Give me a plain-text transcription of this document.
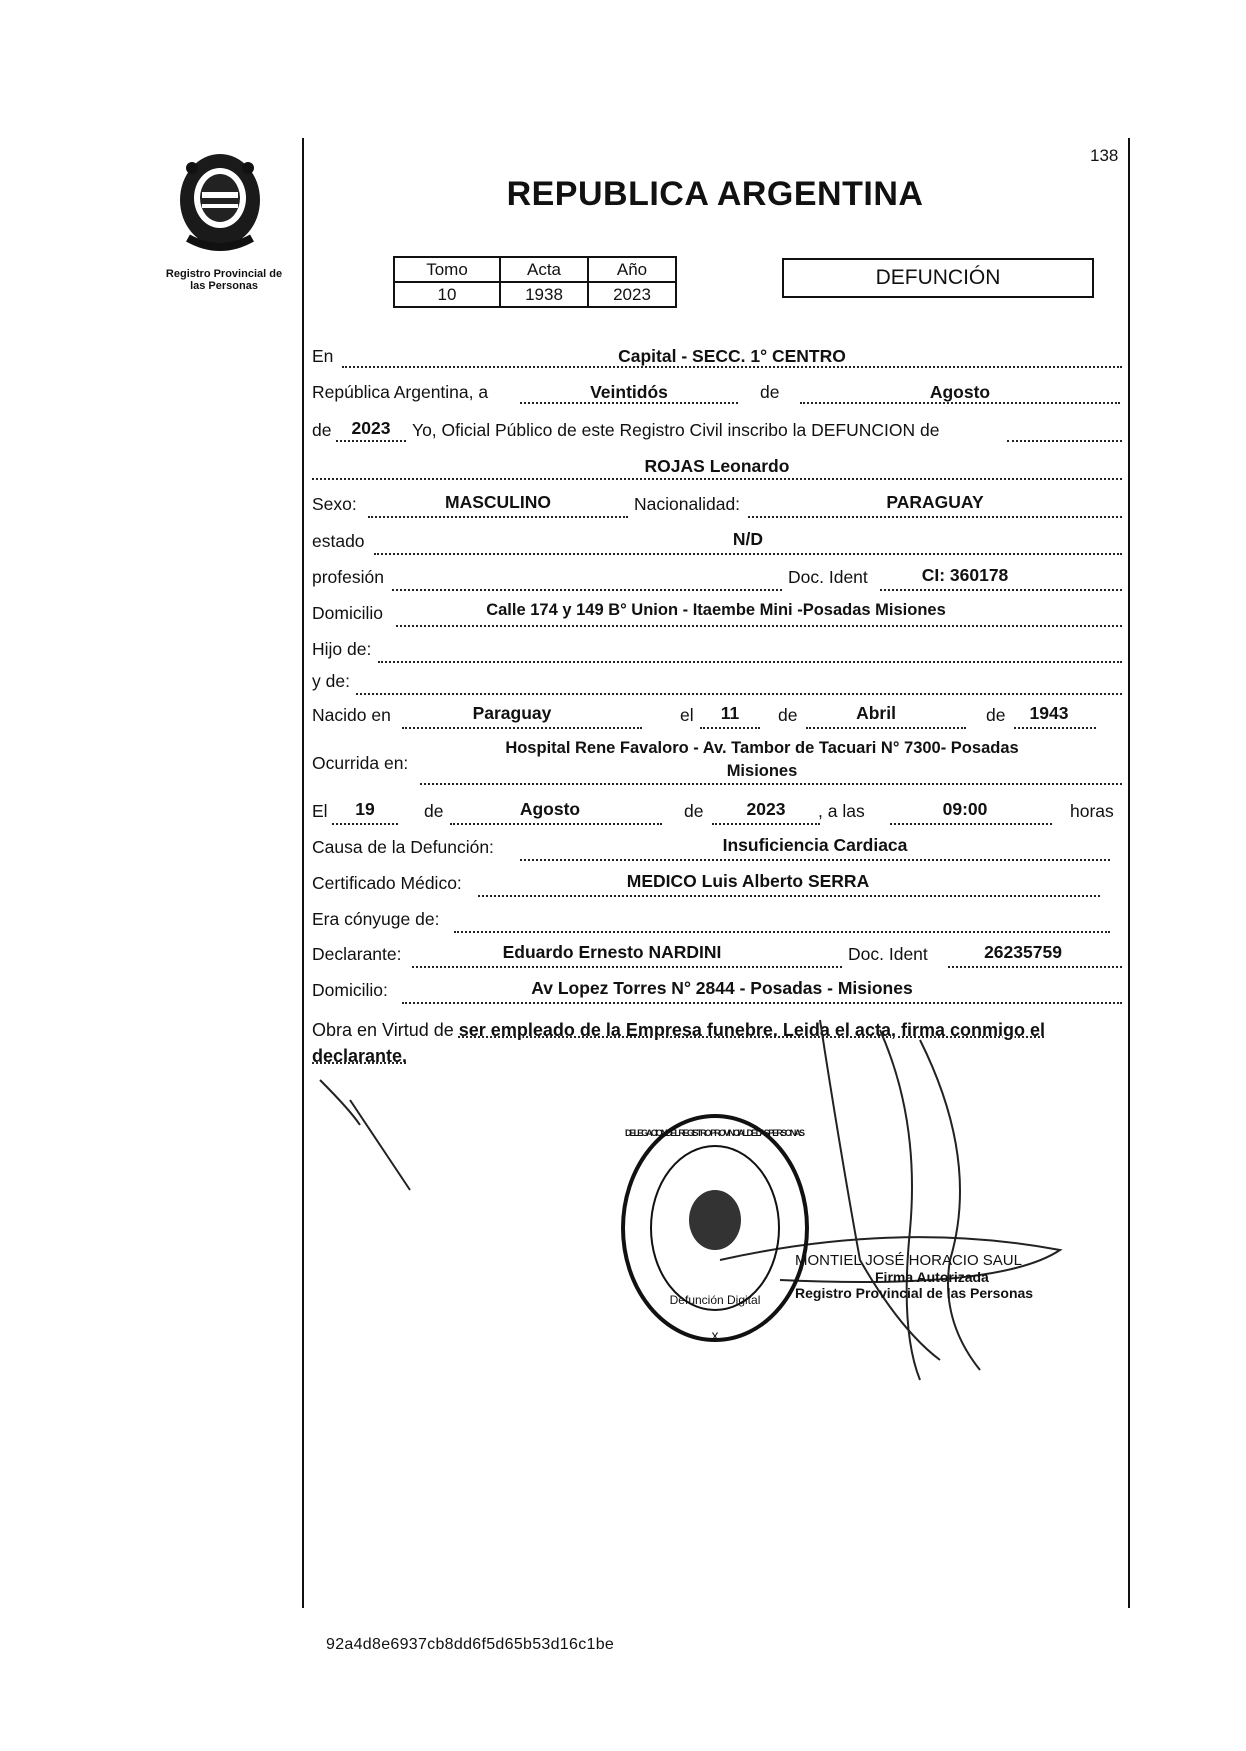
Registro Provincial de
las Personas
138
REPUBLICA ARGENTINA
Tomo	Acta	Año
10	1938	2023
DEFUNCIÓN
En	Capital - SECC. 1° CENTRO
República Argentina, a	Veintidós	de	Agosto
de	2023	Yo, Oficial Público de este Registro Civil inscribo la DEFUNCION de
ROJAS Leonardo
Sexo:	MASCULINO	Nacionalidad:	PARAGUAY
estado	N/D
profesión	Doc. Ident	CI: 360178
Domicilio	Calle 174 y 149 B° Union - Itaembe Mini -Posadas Misiones
Hijo de:
y de:
Nacido en	Paraguay	el	11	de	Abril	de	1943
Ocurrida en:
Hospital Rene Favaloro - Av. Tambor de Tacuari N° 7300- Posadas
Misiones
El	19	de	Agosto	de	2023	, a las	09:00	horas
Causa de la Defunción:	Insuficiencia Cardiaca
Certificado Médico:	MEDICO Luis Alberto SERRA
Era cónyuge de:
Declarante:	Eduardo Ernesto NARDINI	Doc. Ident	26235759
Domicilio:	Av Lopez Torres N° 2844 - Posadas - Misiones
Obra en Virtud de ser empleado de la Empresa funebre. Leida el acta, firma conmigo el declarante.
Defunción Digital
DELEGACION DEL REGISTRO PROVINCIAL DE LAS PERSONAS
x
MONTIEL JOSÉ HORACIO SAUL
Firma Autorizada
Registro Provincial de las Personas
92a4d8e6937cb8dd6f5d65b53d16c1be
